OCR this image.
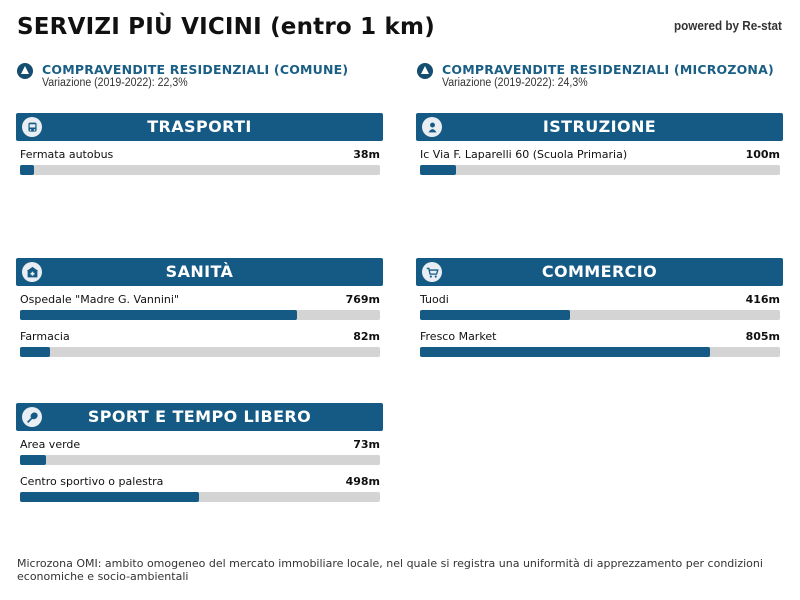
SERVIZI PIÙ VICINI (entro 1 km)	powered by Re-stat
COMPRAVENDITE RESIDENZIALI (COMUNE)
Variazione (2019-2022): 22,3%
COMPRAVENDITE RESIDENZIALI (MICROZONA)
Variazione (2019-2022): 24,3%
TRASPORTI
Fermata autobus	38m
ISTRUZIONE
Ic Via F. Laparelli 60 (Scuola Primaria)	100m
SANITÀ
Ospedale "Madre G. Vannini"	769m
Farmacia	82m
COMMERCIO
Tuodi	416m
Fresco Market	805m
SPORT E TEMPO LIBERO
Area verde	73m
Centro sportivo o palestra	498m
Microzona OMI: ambito omogeneo del mercato immobiliare locale, nel quale si registra una uniformità di apprezzamento per condizioni economiche e socio-ambientali
